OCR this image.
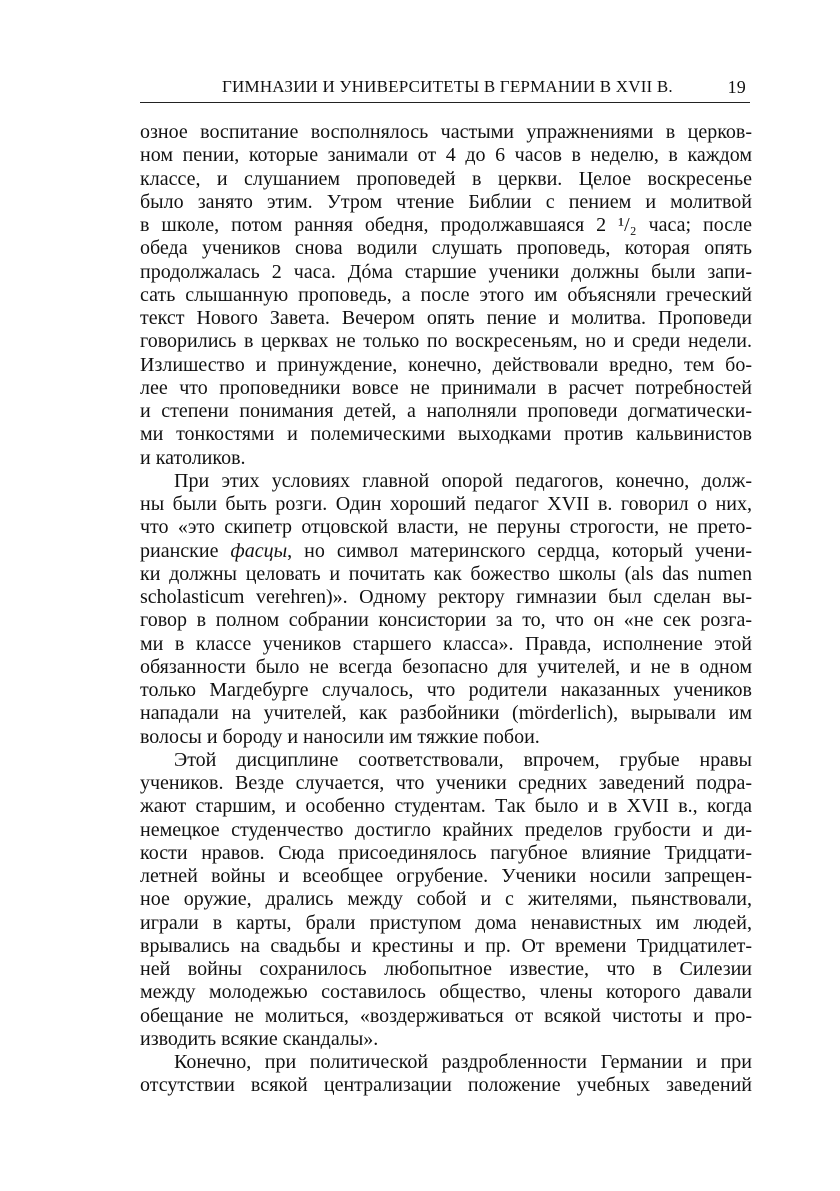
ГИМНАЗИИ И УНИВЕРСИТЕТЫ В ГЕРМАНИИ В XVII В.	19
озное воспитание восполнялось частыми упражнениями в церков-
ном пении, которые занимали от 4 до 6 часов в неделю, в каждом
классе, и слушанием проповедей в церкви. Целое воскресенье
было занято этим. Утром чтение Библии с пением и молитвой
в школе, потом ранняя обедня, продолжавшаяся 2 ¹/₂ часа; после
обеда учеников снова водили слушать проповедь, которая опять
продолжалась 2 часа. Дóма старшие ученики должны были запи-
сать слышанную проповедь, а после этого им объясняли греческий
текст Нового Завета. Вечером опять пение и молитва. Проповеди
говорились в церквах не только по воскресеньям, но и среди недели.
Излишество и принуждение, конечно, действовали вредно, тем бо-
лее что проповедники вовсе не принимали в расчет потребностей
и степени понимания детей, а наполняли проповеди догматически-
ми тонкостями и полемическими выходками против кальвинистов
и католиков.
При этих условиях главной опорой педагогов, конечно, долж-
ны были быть розги. Один хороший педагог XVII в. говорил о них,
что «это скипетр отцовской власти, не перуны строгости, не прето-
рианские фасцы, но символ материнского сердца, который учени-
ки должны целовать и почитать как божество школы (als das numen
scholasticum verehren)». Одному ректору гимназии был сделан вы-
говор в полном собрании консистории за то, что он «не сек розга-
ми в классе учеников старшего класса». Правда, исполнение этой
обязанности было не всегда безопасно для учителей, и не в одном
только Магдебурге случалось, что родители наказанных учеников
нападали на учителей, как разбойники (mörderlich), вырывали им
волосы и бороду и наносили им тяжкие побои.
Этой дисциплине соответствовали, впрочем, грубые нравы
учеников. Везде случается, что ученики средних заведений подра-
жают старшим, и особенно студентам. Так было и в XVII в., когда
немецкое студенчество достигло крайних пределов грубости и ди-
кости нравов. Сюда присоединялось пагубное влияние Тридцати-
летней войны и всеобщее огрубение. Ученики носили запрещен-
ное оружие, дрались между собой и с жителями, пьянствовали,
играли в карты, брали приступом дома ненавистных им людей,
врывались на свадьбы и крестины и пр. От времени Тридцатилет-
ней войны сохранилось любопытное известие, что в Силезии
между молодежью составилось общество, члены которого давали
обещание не молиться, «воздерживаться от всякой чистоты и про-
изводить всякие скандалы».
Конечно, при политической раздробленности Германии и при
отсутствии всякой централизации положение учебных заведений
